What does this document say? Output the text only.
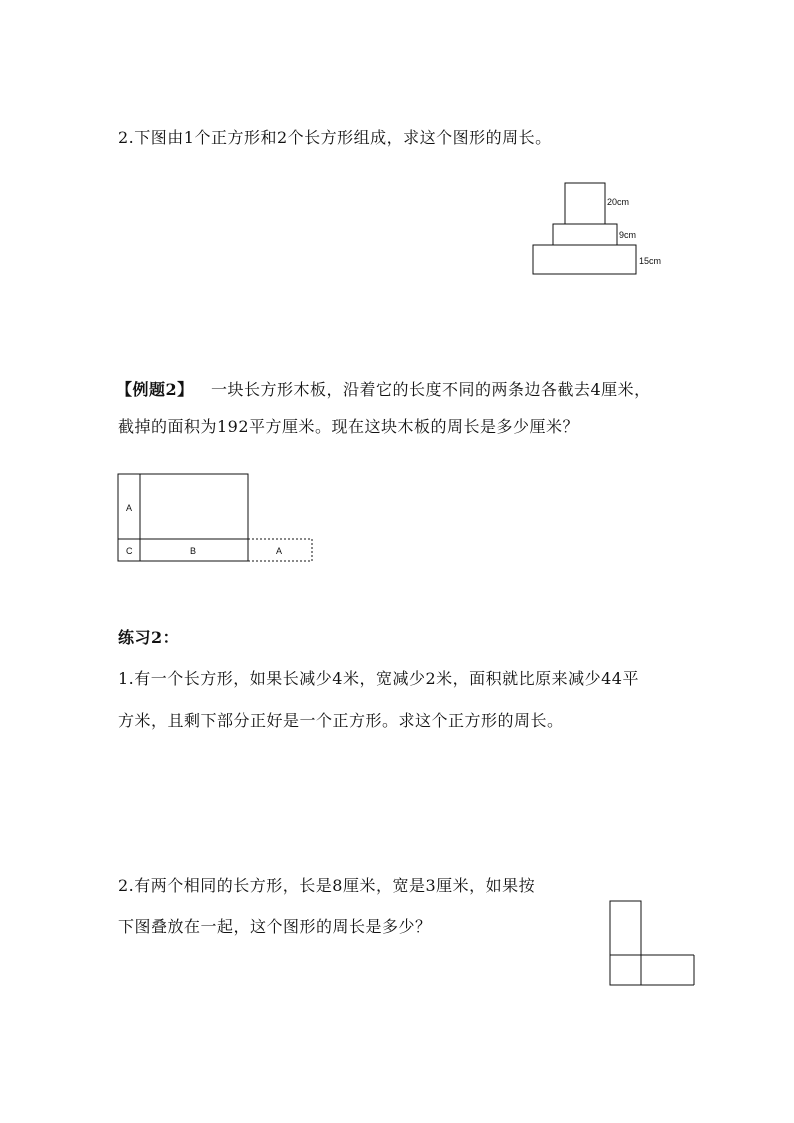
2.下图由1个正方形和2个长方形组成，求这个图形的周长。
20cm
9cm
15cm
【例题2】 一块长方形木板，沿着它的长度不同的两条边各截去4厘米，
截掉的面积为192平方厘米。现在这块木板的周长是多少厘米？
A
C	B	A
练习2：
1.有一个长方形，如果长减少4米，宽减少2米，面积就比原来减少44平
方米，且剩下部分正好是一个正方形。求这个正方形的周长。
2.有两个相同的长方形，长是8厘米，宽是3厘米，如果按
下图叠放在一起，这个图形的周长是多少？
